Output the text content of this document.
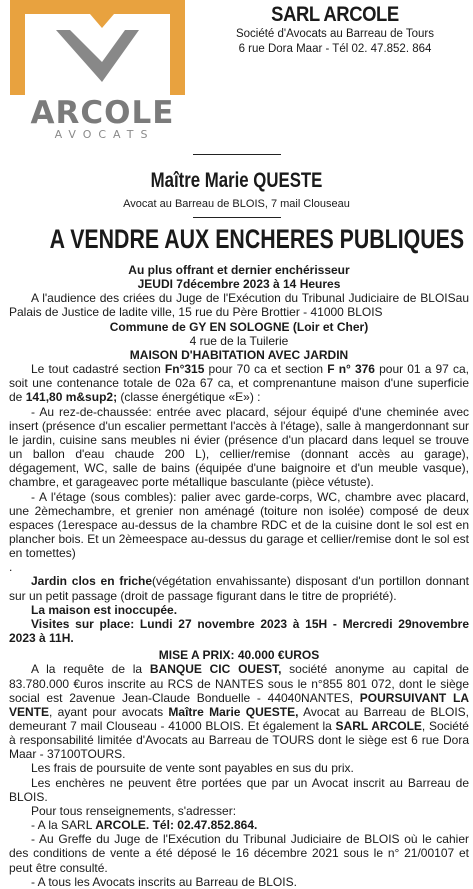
ARCOLE
AVOCATS
SARL ARCOLE
Société d'Avocats au Barreau de Tours
6 rue Dora Maar - Tél 02. 47.852. 864
Maître Marie QUESTE
Avocat au Barreau de BLOIS, 7 mail Clouseau
A VENDRE AUX ENCHERES PUBLIQUES
Au plus offrant et dernier enchérisseur
JEUDI 7décembre 2023 à 14 Heures
A l'audience des criées du Juge de l'Exécution du Tribunal Judiciaire de BLOISau Palais de Justice de ladite ville, 15 rue du Père Brottier - 41000 BLOIS
Commune de GY EN SOLOGNE (Loir et Cher)
4 rue de la Tuilerie
MAISON D'HABITATION AVEC JARDIN
Le tout cadastré section Fn°315 pour 70 ca et section F n° 376 pour 01 a 97 ca, soit une contenance totale de 02a 67 ca, et comprenantune maison d'une superficie de 141,80 m&sup2; (classe énergétique «E») :
- Au rez-de-chaussée: entrée avec placard, séjour équipé d'une cheminée avec insert (présence d'un escalier permettant l'accès à l'étage), salle à mangerdonnant sur le jardin, cuisine sans meubles ni évier (présence d'un placard dans lequel se trouve un ballon d'eau chaude 200 L), cellier/remise (donnant accès au garage), dégagement, WC, salle de bains (équipée d'une baignoire et d'un meuble vasque), chambre, et garageavec porte métallique basculante (pièce vétuste).
- A l'étage (sous combles): palier avec garde-corps, WC, chambre avec placard, une 2èmechambre, et grenier non aménagé (toiture non isolée) composé de deux espaces (1erespace au-dessus de la chambre RDC et de la cuisine dont le sol est en plancher bois. Et un 2èmeespace au-dessus du garage et cellier/remise dont le sol est en tomettes)
.
Jardin clos en friche(végétation envahissante) disposant d'un portillon donnant sur un petit passage (droit de passage figurant dans le titre de propriété).
La maison est inoccupée.
Visites sur place: Lundi 27 novembre 2023 à 15H - Mercredi 29novembre 2023 à 11H.
MISE A PRIX: 40.000 €UROS
A la requête de la BANQUE CIC OUEST, société anonyme au capital de 83.780.000 €uros inscrite au RCS de NANTES sous le n°855 801 072, dont le siège social est 2avenue Jean-Claude Bonduelle - 44040NANTES, POURSUIVANT LA VENTE, ayant pour avocats Maître Marie QUESTE, Avocat au Barreau de BLOIS, demeurant 7 mail Clouseau - 41000 BLOIS. Et également la SARL ARCOLE, Société à responsabilité limitée d'Avocats au Barreau de TOURS dont le siège est 6 rue Dora Maar - 37100TOURS.
Les frais de poursuite de vente sont payables en sus du prix.
Les enchères ne peuvent être portées que par un Avocat inscrit au Barreau de BLOIS.
Pour tous renseignements, s'adresser:
- A la SARL ARCOLE. Tél: 02.47.852.864.
- Au Greffe du Juge de l'Exécution du Tribunal Judiciaire de BLOIS où le cahier des conditions de vente a été déposé le 16 décembre 2021 sous le n° 21/00107 et peut être consulté.
- A tous les Avocats inscrits au Barreau de BLOIS.
